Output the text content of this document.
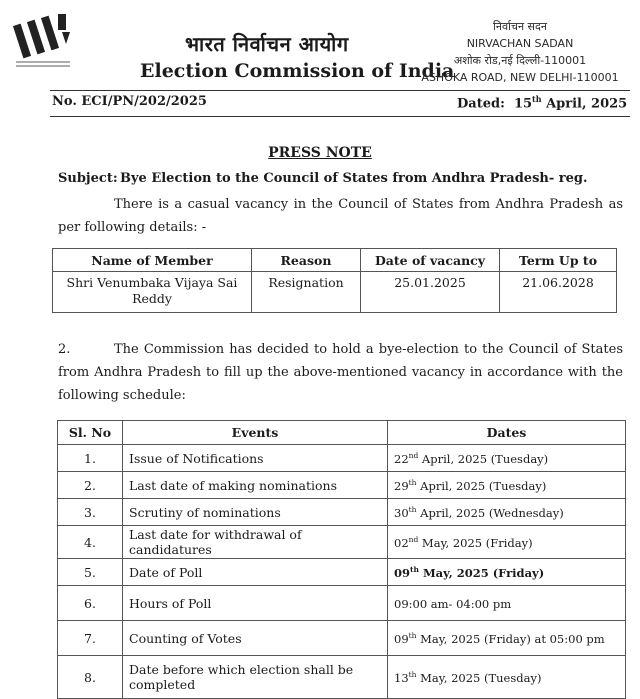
भारत निर्वाचन आयोग
Election Commission of India
निर्वाचन सदन
NIRVACHAN SADAN
अशोक रोड,नई दिल्ली-110001
ASHOKA ROAD, NEW DELHI-110001
No. ECI/PN/202/2025	Dated: 15th April, 2025
PRESS NOTE
Subject: Bye Election to the Council of States from Andhra Pradesh- reg.
There is a casual vacancy in the Council of States from Andhra Pradesh as per following details: -
Name of Member	Reason	Date of vacancy	Term Up to
Shri Venumbaka Vijaya Sai Reddy	Resignation	25.01.2025	21.06.2028
2.	The Commission has decided to hold a bye-election to the Council of States from Andhra Pradesh to fill up the above-mentioned vacancy in accordance with the following schedule:
Sl. No	Events	Dates
1.	Issue of Notifications	22nd April, 2025 (Tuesday)
2.	Last date of making nominations	29th April, 2025 (Tuesday)
3.	Scrutiny of nominations	30th April, 2025 (Wednesday)
4.	Last date for withdrawal of candidatures	02nd May, 2025 (Friday)
5.	Date of Poll	09th May, 2025 (Friday)
6.	Hours of Poll	09:00 am- 04:00 pm
7.	Counting of Votes	09th May, 2025 (Friday) at 05:00 pm
8.	Date before which election shall be completed	13th May, 2025 (Tuesday)
